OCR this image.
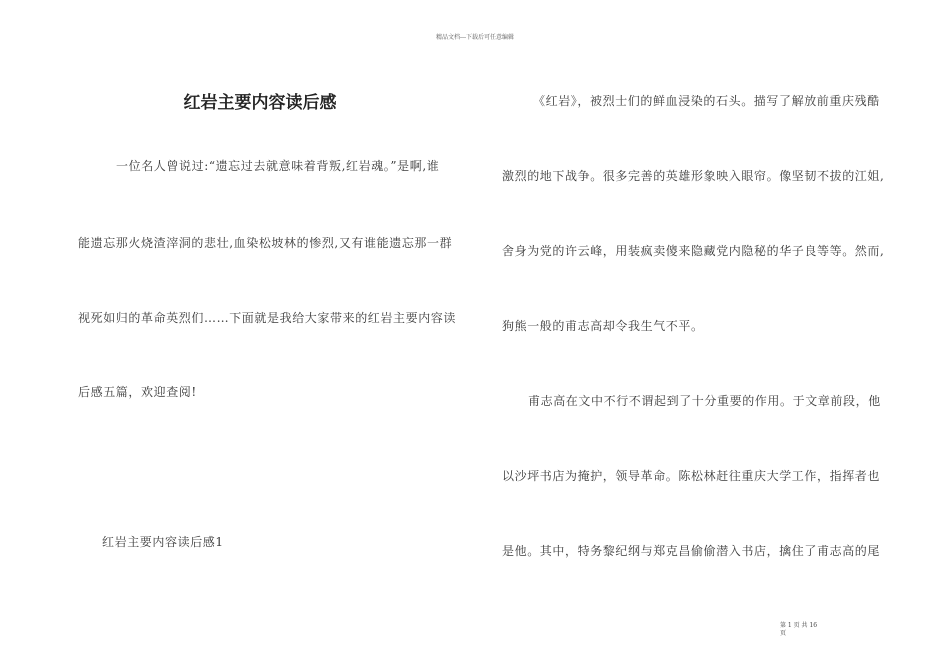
精品文档---下载后可任意编辑
红岩主要内容读后感
一位名人曾说过:“遗忘过去就意味着背叛,红岩魂。”是啊,谁
能遗忘那火烧渣滓洞的悲壮,血染松坡林的惨烈,又有谁能遗忘那一群
视死如归的革命英烈们……下面就是我给大家带来的红岩主要内容读
后感五篇，欢迎查阅!
红岩主要内容读后感1
《红岩》，被烈士们的鲜血浸染的石头。描写了解放前重庆残酷
激烈的地下战争。很多完善的英雄形象映入眼帘。像坚韧不拔的江姐,
舍身为党的许云峰，用装疯卖傻来隐藏党内隐秘的华子良等等。然而,
狗熊一般的甫志高却令我生气不平。
甫志高在文中不行不谓起到了十分重要的作用。于文章前段，他
以沙坪书店为掩护，领导革命。陈松林赶往重庆大学工作，指挥者也
是他。其中，特务黎纪纲与郑克昌偷偷潜入书店，擒住了甫志高的尾
第 1 页 共 16
页
